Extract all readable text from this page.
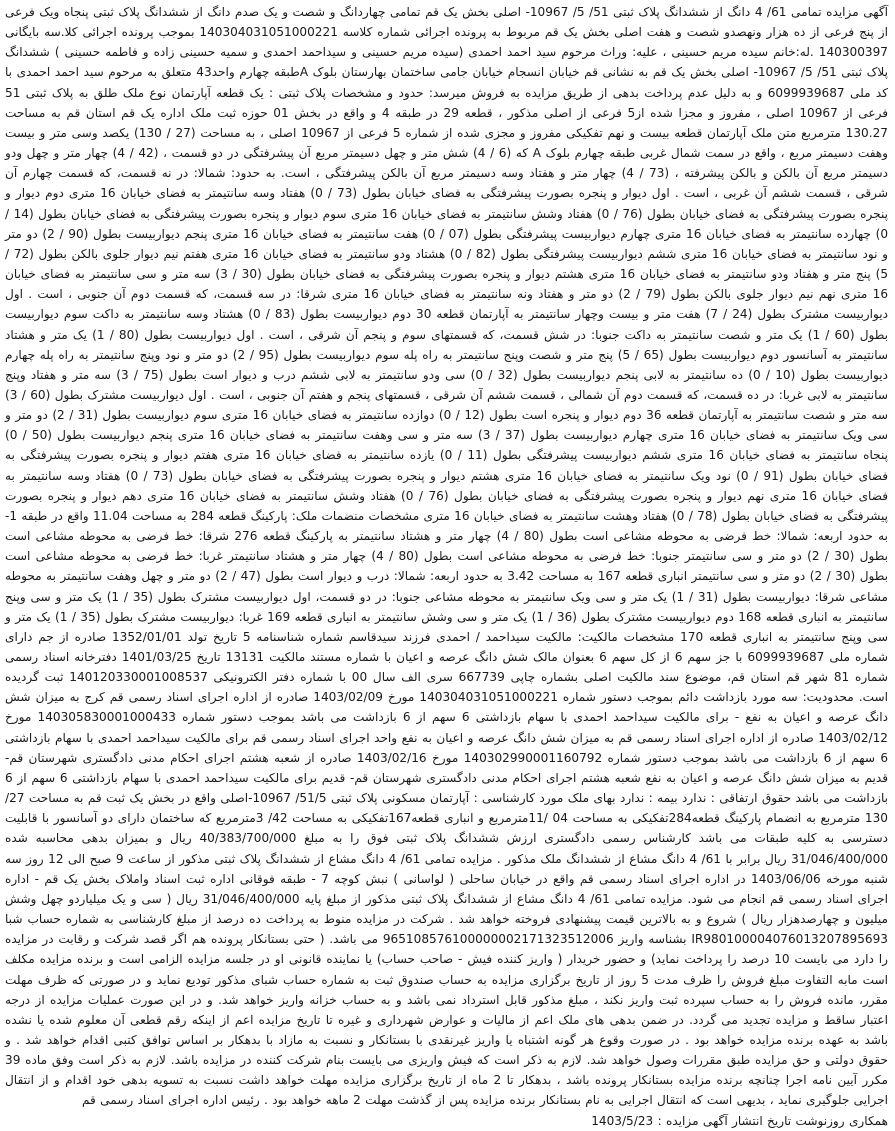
آگهی مزایده تمامی 61/ 4 دانگ از ششدانگ پلاک ثبتی 51/ 5/ 10967- اصلی بخش یک قم تمامی چهاردانگ و شصت و یک صدم دانگ از ششدانگ پلاک ثبتی پنجاه ویک فرعی از پنج فرعی از ده هزار ونهصدو شصت و هفت اصلی بخش یک قم مربوط به پرونده اجرائی شماره کلاسه 140304031051000221 بموجب پرونده اجرائی کلا.سه بایگانی 140300397 .له:خانم سیده مریم حسینی ، علیه: وراث مرحوم سید احمد احمدی (سیده مریم حسینی و سیداحمد احمدی و سمیه حسینی زاده و فاطمه حسینی ) ششدانگ پلاک ثبتی 51/ 5/ 10967- اصلی بخش یک قم به نشانی قم خیابان انسجام خیابان جامی ساختمان بهارستان بلوک Aطبقه چهارم واحد43 متعلق به مرحوم سید احمد احمدی با کد ملی 6099939687 و به دلیل عدم پرداخت بدهی از طریق مزایده به فروش میرسد: حدود و مشخصات پلاک ثبتی : یک قطعه آپارتمان نوع ملک طلق به پلاک ثبتی 51 فرعی از 10967 اصلی ، مفروز و مجزا شده از5 فرعی از اصلی مذکور ، قطعه 29 در طبقه 4 و واقع در بخش 01 حوزه ثبت ملک اداره یک قم استان قم به مساحت 130.27 مترمربع متن ملک آپارتمان قطعه بیست و نهم تفکیکی مفروز و مجزی شده از شماره 5 فرعی از 10967 اصلی ، به مساحت (27 / 130) یکصد وسی متر و بیست وهفت دسیمتر مربع ، واقع در سمت شمال غربی طبقه چهارم بلوک A که (6 / 4) شش متر و چهل دسیمتر مربع آن پیشرفتگی در دو قسمت ، (42 / 4) چهار متر و چهل ودو دسیمتر مربع آن بالکن و بالکن پیشرفته ، (73 / 4) چهار متر و هفتاد وسه دسیمتر مربع آن بالکن پیشرفتگی ، است. به حدود: شمالا: در نه قسمت، که قسمت چهارم آن شرقی ، قسمت ششم آن غربی ، است . اول دیوار و پنجره بصورت پیشرفتگی به فضای خیابان بطول (73 / 0) هفتاد وسه سانتیمتر به فضای خیابان 16 متری دوم دیوار و پنجره بصورت پیشرفتگی به فضای خیابان بطول (76 / 0) هفتاد وشش سانتیمتر به فضای خیابان 16 متری سوم دیوار و پنجره بصورت پیشرفتگی به فضای خیابان بطول (14 / 0) چهارده سانتیمتر به فضای خیابان 16 متری چهارم دیواربیست پیشرفتگی بطول (07 / 0) هفت سانتیمتر به فضای خیابان 16 متری پنجم دیواربیست بطول (90 / 2) دو متر و نود سانتیمتر به فضای خیابان 16 متری ششم دیواربیست پیشرفتگی بطول (82 / 0) هشتاد ودو سانتیمتر به فضای خیابان 16 متری هفتم نیم دیوار جلوی بالکن بطول (72 / 5) پنج متر و هفتاد ودو سانتیمتر به فضای خیابان 16 متری هشتم دیوار و پنجره بصورت پیشرفتگی به فضای خیابان بطول (30 / 3) سه متر و سی سانتیمتر به فضای خیابان 16 متری نهم نیم دیوار جلوی بالکن بطول (79 / 2) دو متر و هفتاد ونه سانتیمتر به فضای خیابان 16 متری شرقا: در سه قسمت، که قسمت دوم آن جنوبی ، است . اول دیواربیست مشترک بطول (24 / 7) هفت متر و بیست وچهار سانتیمتر به آپارتمان قطعه 30 دوم دیواربیست بطول (83 / 0) هشتاد وسه سانتیمتر به داکت سوم دیواربیست بطول (60 / 1) یک متر و شصت سانتیمتر به داکت جنوبا: در شش قسمت، که قسمتهای سوم و پنجم آن شرقی ، است . اول دیواربیست بطول (80 / 1) یک متر و هشتاد سانتیمتر به آسانسور دوم دیواربیست بطول (65 / 5) پنج متر و شصت وپنج سانتیمتر به راه پله سوم دیواربیست بطول (95 / 2) دو متر و نود وپنج سانتیمتر به راه پله چهارم دیواربیست بطول (10 / 0) ده سانتیمتر به لابی پنجم دیواربیست بطول (32 / 0) سی ودو سانتیمتر به لابی ششم درب و دیوار است بطول (75 / 3) سه متر و هفتاد وپنج سانتیمتر به لابی غربا: در ده قسمت، که قسمت دوم آن شمالی ، قسمت ششم آن شرقی ، قسمتهای پنجم و هفتم آن جنوبی ، است . اول دیواربیست مشترک بطول (60 / 3) سه متر و شصت سانتیمتر به آپارتمان قطعه 36 دوم دیوار و پنجره است بطول (12 / 0) دوازده سانتیمتر به فضای خیابان 16 متری سوم دیواربیست بطول (31 / 2) دو متر و سی ویک سانتیمتر به فضای خیابان 16 متری چهارم دیواربیست بطول (37 / 3) سه متر و سی وهفت سانتیمتر به فضای خیابان 16 متری پنجم دیواربیست بطول (50 / 0) پنجاه سانتیمتر به فضای خیابان 16 متری ششم دیواربیست پیشرفتگی بطول (11 / 0) یازده سانتیمتر به فضای خیابان 16 متری هفتم دیوار و پنجره بصورت پیشرفتگی به فضای خیابان بطول (91 / 0) نود ویک سانتیمتر به فضای خیابان 16 متری هشتم دیوار و پنجره بصورت پیشرفتگی به فضای خیابان بطول (73 / 0) هفتاد وسه سانتیمتر به فضای خیابان 16 متری نهم دیوار و پنجره بصورت پیشرفتگی به فضای خیابان بطول (76 / 0) هفتاد وشش سانتیمتر به فضای خیابان 16 متری دهم دیوار و پنجره بصورت پیشرفتگی به فضای خیابان بطول (78 / 0) هفتاد وهشت سانتیمتر به فضای خیابان 16 متری مشخصات منضمات ملک: پارکینگ قطعه 284 به مساحت 11.04 واقع در طبقه 1- به حدود اربعه: شمالا: خط فرضی به محوطه مشاعی است بطول (80 / 4) چهار متر و هشتاد سانتیمتر به پارکینگ قطعه 276 شرقا: خط فرضی به محوطه مشاعی است بطول (30 / 2) دو متر و سی سانتیمتر جنوبا: خط فرضی به محوطه مشاعی است بطول (80 / 4) چهار متر و هشتاد سانتیمتر غربا: خط فرضی به محوطه مشاعی است بطول (30 / 2) دو متر و سی سانتیمتر انباری قطعه 167 به مساحت 3.42 به حدود اربعه: شمالا: درب و دیوار است بطول (47 / 2) دو متر و چهل وهفت سانتیمتر به محوطه مشاعی شرقا: دیواربیست بطول (31 / 1) یک متر و سی ویک سانتیمتر به محوطه مشاعی جنوبا: در دو قسمت، اول دیواربیست مشترک بطول (35 / 1) یک متر و سی وپنج سانتیمتر به انباری قطعه 168 دوم دیواربیست مشترک بطول (36 / 1) یک متر و سی وشش سانتیمتر به انباری قطعه 169 غربا: دیواربیست مشترک بطول (35 / 1) یک متر و سی وپنج سانتیمتر به انباری قطعه 170 مشخصات مالکیت: مالکیت سیداحمد / احمدی فرزند سیدقاسم شماره شناسنامه 5 تاریخ تولد 1352/01/01 صادره از جم دارای شماره ملی 6099939687 با جز سهم 6 از کل سهم 6 بعنوان مالک شش دانگ عرصه و اعیان با شماره مستند مالکیت 13131 تاریخ 1401/03/25 دفترخانه اسناد رسمی شماره 81 شهر قم استان قم، موضوع سند مالکیت اصلی بشماره چاپی 667739 سری الف سال 00 با شماره دفتر الکترونیکی 140120330001008537 ثبت گردیده است. محدودیت: سه مورد بازداشت دائم بموجب دستور شماره 140304031051000221 مورخ 1403/02/09 صادره از اداره اجرای اسناد رسمی قم کرج به میزان شش دانگ عرصه و اعیان به نفع - برای مالکیت سیداحمد احمدی با سهام بازداشتی 6 سهم از 6 بازداشت می باشد بموجب دستور شماره 140305830001000433 مورخ 1403/02/12 صادره از اداره اجرای اسناد رسمی قم به میزان شش دانگ عرصه و اعیان به نفع واحد اجرای اسناد رسمی قم برای مالکیت سیداحمد احمدی با سهام بازداشتی 6 سهم از 6 بازداشت می باشد بموجب دستور شماره 140302990001160792 مورخ 1403/02/16 صادره از شعبه هشتم اجرای احکام مدنی دادگستری شهرستان قم- قدیم به میزان شش دانگ عرصه و اعیان به نفع شعبه هشتم اجرای احکام مدنی دادگستری شهرستان قم- قدیم برای مالکیت سیداحمد احمدی با سهام بازداشتی 6 سهم از 6 بازداشت می باشد حقوق ارتفاقی : ندارد بیمه : ندارد بهای ملک مورد کارشناسی : آپارتمان مسکونی پلاک ثبتی 51/5/ 10967-اصلی واقع در بخش یک ثبت قم به مساحت 27/ 130 مترمربع به انضمام پارکینگ قطعه284تفکیکی به مساحت 04 /11مترمربع و انباری قطعه167تفکیکی به مساحت 42/ 3مترمربع که ساختمان دارای دو آسانسور با قابلیت دسترسی به کلیه طبقات می باشد کارشناس رسمی دادگستری ارزش ششدانگ پلاک ثبتی فوق را به مبلغ 40/383/700/000 ریال و بمیزان بدهی محاسبه شده 31/046/400/000 ریال برابر با 61/ 4 دانگ مشاع از ششدانگ ملک مذکور . مزایده تمامی 61/ 4 دانگ مشاع از ششدانگ پلاک ثبتی مذکور از ساعت 9 صبح الی 12 روز سه شنبه مورخه 1403/06/06 در اداره اجرای اسناد رسمی قم واقع در خیابان ساحلی ( لواسانی ) نبش کوچه 7 - طبقه فوقانی اداره ثبت اسناد واملاک بخش یک قم - اداره اجرای اسناد رسمی قم انجام می شود. مزایده تمامی 61/ 4 دانگ مشاع از ششدانگ پلاک ثبتی مذکور از مبلغ پایه 31/046/400/000 ریال ( سی و یک میلیاردو چهل وشش میلیون و چهارصدهزار ریال ) شروع و به بالاترین قیمت پیشنهادی فروخته خواهد شد . شرکت در مزایده منوط به پرداخت ده درصد از مبلغ کارشناسی به شماره حساب شبا IR980100004076013207895693 بشناسه واریز 965108576100000002171323512006 می باشد. ( حتی بستانکار پرونده هم اگر قصد شرکت و رقابت در مزایده را دارد می بایست 10 درصد را پرداخت نماید) و حضور خریدار ( واریز کننده فیش - صاحب حساب) یا نماینده قانونی او در جلسه مزایده الزامی است و برنده مزایده مکلف است مابه التفاوت مبلغ فروش را ظرف مدت 5 روز از تاریخ برگزاری مزایده به حساب صندوق ثبت به شماره حساب شبای مذکور تودیع نماید و در صورتی که ظرف مهلت مقرر، مانده فروش را به حساب سپرده ثبت واریز نکند ، مبلغ مذکور قابل استرداد نمی باشد و به حساب خزانه واریز خواهد شد. و در این صورت عملیات مزایده از درجه اعتبار ساقط و مزایده تجدید می گردد. در ضمن بدهی های ملک اعم از مالیات و عوارض شهرداری و غیره تا تاریخ مزایده اعم از اینکه رقم قطعی آن معلوم شده یا نشده باشد به عهده برنده مزایده خواهد بود . در صورت وقوع هر گونه اشتباه یا واریز غیرنقدی با بستانکار و نسبت به مازاد با بدهکار بر اساس توافق کتبی اقدام خواهد شد . و حقوق دولتی و حق مزایده طبق مقررات وصول خواهد شد. لازم به ذکر است که فیش واریزی می بایست بنام شرکت کننده در مزایده باشد. لازم به ذکر است وفق ماده 39 مکرر آیین نامه اجرا چنانچه برنده مزایده بستانکار پرونده باشد ، بدهکار تا 2 ماه از تاریخ برگزاری مزایده مهلت خواهد داشت نسبت به تسویه بدهی خود اقدام و از انتقال اجرایی جلوگیری نماید ، بدیهی است که انتقال اجرایی به نام بستانکار برنده مزایده پس از گذشت مهلت 2 ماهه خواهد بود . رئیس اداره اجرای اسناد رسمی قم

همکاری روزنوشت تاریخ انتشار آگهی مزایده : 1403/5/23
